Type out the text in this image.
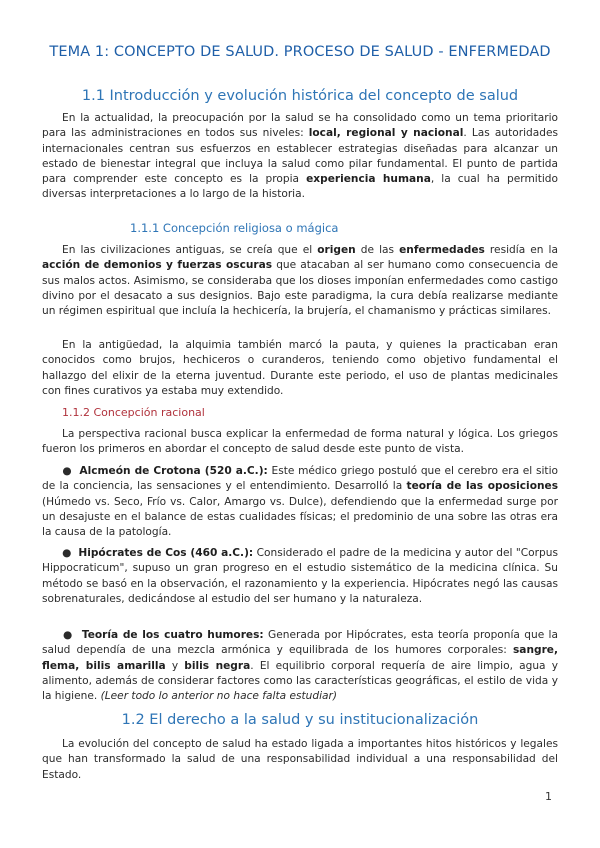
TEMA 1: CONCEPTO DE SALUD. PROCESO DE SALUD - ENFERMEDAD
1.1 Introducción y evolución histórica del concepto de salud

En la actualidad, la preocupación por la salud se ha consolidado como un tema prioritario para las administraciones en todos sus niveles: local, regional y nacional. Las autoridades internacionales centran sus esfuerzos en establecer estrategias diseñadas para alcanzar un estado de bienestar integral que incluya la salud como pilar fundamental. El punto de partida para comprender este concepto es la propia experiencia humana, la cual ha permitido diversas interpretaciones a lo largo de la historia.

1.1.1 Concepción religiosa o mágica

En las civilizaciones antiguas, se creía que el origen de las enfermedades residía en la acción de demonios y fuerzas oscuras que atacaban al ser humano como consecuencia de sus malos actos. Asimismo, se consideraba que los dioses imponían enfermedades como castigo divino por el desacato a sus designios. Bajo este paradigma, la cura debía realizarse mediante un régimen espiritual que incluía la hechicería, la brujería, el chamanismo y prácticas similares.

En la antigüedad, la alquimia también marcó la pauta, y quienes la practicaban eran conocidos como brujos, hechiceros o curanderos, teniendo como objetivo fundamental el hallazgo del elixir de la eterna juventud. Durante este periodo, el uso de plantas medicinales con fines curativos ya estaba muy extendido.

1.1.2 Concepción racional

La perspectiva racional busca explicar la enfermedad de forma natural y lógica. Los griegos fueron los primeros en abordar el concepto de salud desde este punto de vista.

● Alcmeón de Crotona (520 a.C.): Este médico griego postuló que el cerebro era el sitio de la conciencia, las sensaciones y el entendimiento. Desarrolló la teoría de las oposiciones (Húmedo vs. Seco, Frío vs. Calor, Amargo vs. Dulce), defendiendo que la enfermedad surge por un desajuste en el balance de estas cualidades físicas; el predominio de una sobre las otras era la causa de la patología.

● Hipócrates de Cos (460 a.C.): Considerado el padre de la medicina y autor del "Corpus Hippocraticum", supuso un gran progreso en el estudio sistemático de la medicina clínica. Su método se basó en la observación, el razonamiento y la experiencia. Hipócrates negó las causas sobrenaturales, dedicándose al estudio del ser humano y la naturaleza.

● Teoría de los cuatro humores: Generada por Hipócrates, esta teoría proponía que la salud dependía de una mezcla armónica y equilibrada de los humores corporales: sangre, flema, bilis amarilla y bilis negra. El equilibrio corporal requería de aire limpio, agua y alimento, además de considerar factores como las características geográficas, el estilo de vida y la higiene. (Leer todo lo anterior no hace falta estudiar)

1.2 El derecho a la salud y su institucionalización

La evolución del concepto de salud ha estado ligada a importantes hitos históricos y legales que han transformado la salud de una responsabilidad individual a una responsabilidad del Estado.

1
